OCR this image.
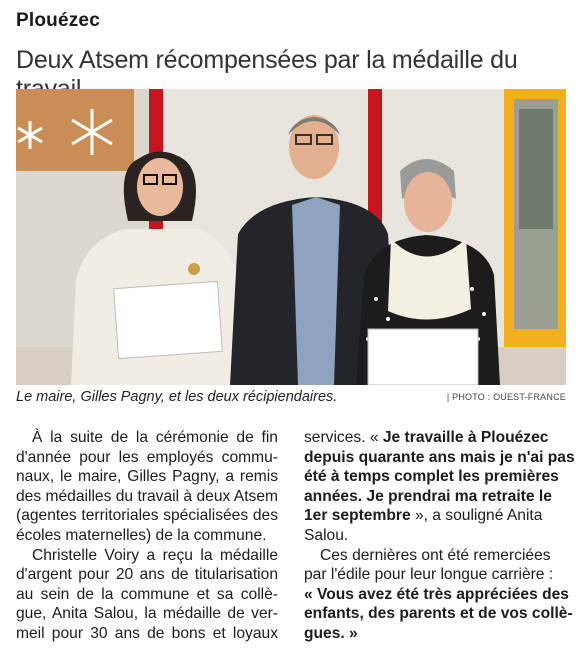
Plouézec
Deux Atsem récompensées par la médaille du
Le maire, Gilles Pagny, et les deux récipiendaires.	| PHOTO : OUEST-FRANCE
À la suite de la cérémonie de fin
d'année pour les employés commu-
naux, le maire, Gilles Pagny, a remis
des médailles du travail à deux Atsem
(agentes territoriales spécialisées des
écoles maternelles) de la commune.
Christelle Voiry a reçu la médaille
d'argent pour 20 ans de titularisation
au sein de la commune et sa collè-
gue, Anita Salou, la médaille de ver-
meil pour 30 ans de bons et loyaux
services. « Je travaille à Plouézec
depuis quarante ans mais je n'ai pas
été à temps complet les premières
années. Je prendrai ma retraite le
1er septembre », a souligné Anita
Salou.
Ces dernières ont été remerciées
par l'édile pour leur longue carrière :
« Vous avez été très appréciées des
enfants, des parents et de vos collè-
gues. »
